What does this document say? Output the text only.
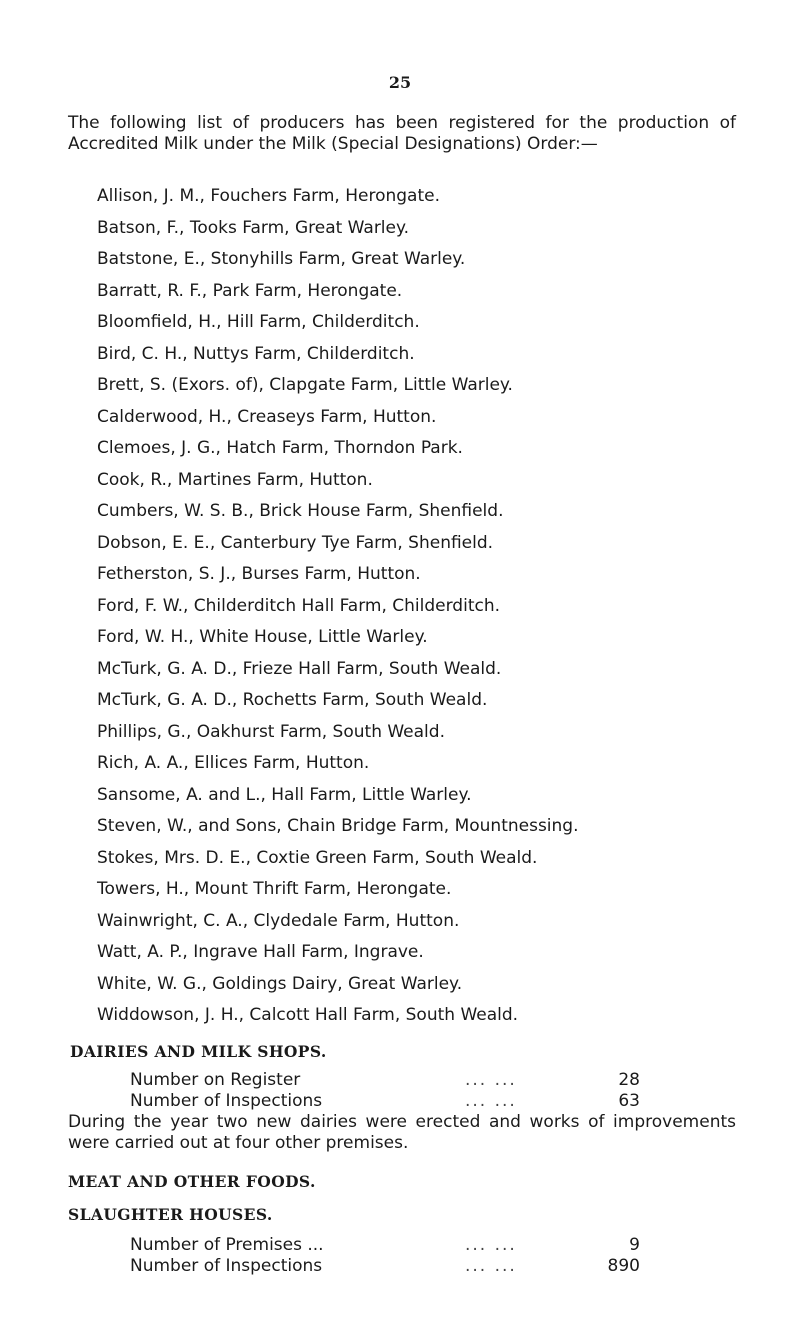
25

The following list of producers has been registered for the production of Accredited Milk under the Milk (Special Designations) Order:—

Allison, J. M., Fouchers Farm, Herongate.
Batson, F., Tooks Farm, Great Warley.
Batstone, E., Stonyhills Farm, Great Warley.
Barratt, R. F., Park Farm, Herongate.
Bloomfield, H., Hill Farm, Childerditch.
Bird, C. H., Nuttys Farm, Childerditch.
Brett, S. (Exors. of), Clapgate Farm, Little Warley.
Calderwood, H., Creaseys Farm, Hutton.
Clemoes, J. G., Hatch Farm, Thorndon Park.
Cook, R., Martines Farm, Hutton.
Cumbers, W. S. B., Brick House Farm, Shenfield.
Dobson, E. E., Canterbury Tye Farm, Shenfield.
Fetherston, S. J., Burses Farm, Hutton.
Ford, F. W., Childerditch Hall Farm, Childerditch.
Ford, W. H., White House, Little Warley.
McTurk, G. A. D., Frieze Hall Farm, South Weald.
McTurk, G. A. D., Rochetts Farm, South Weald.
Phillips, G., Oakhurst Farm, South Weald.
Rich, A. A., Ellices Farm, Hutton.
Sansome, A. and L., Hall Farm, Little Warley.
Steven, W., and Sons, Chain Bridge Farm, Mountnessing.
Stokes, Mrs. D. E., Coxtie Green Farm, South Weald.
Towers, H., Mount Thrift Farm, Herongate.
Wainwright, C. A., Clydedale Farm, Hutton.
Watt, A. P., Ingrave Hall Farm, Ingrave.
White, W. G., Goldings Dairy, Great Warley.
Widdowson, J. H., Calcott Hall Farm, South Weald.
DAIRIES AND MILK SHOPS.
Number on Register	... ...	28
Number of Inspections	... ...	63

During the year two new dairies were erected and works of improvements were carried out at four other premises.

MEAT AND OTHER FOODS.
SLAUGHTER HOUSES.
Number of Premises ...	... ...	9
Number of Inspections	... ...	890
